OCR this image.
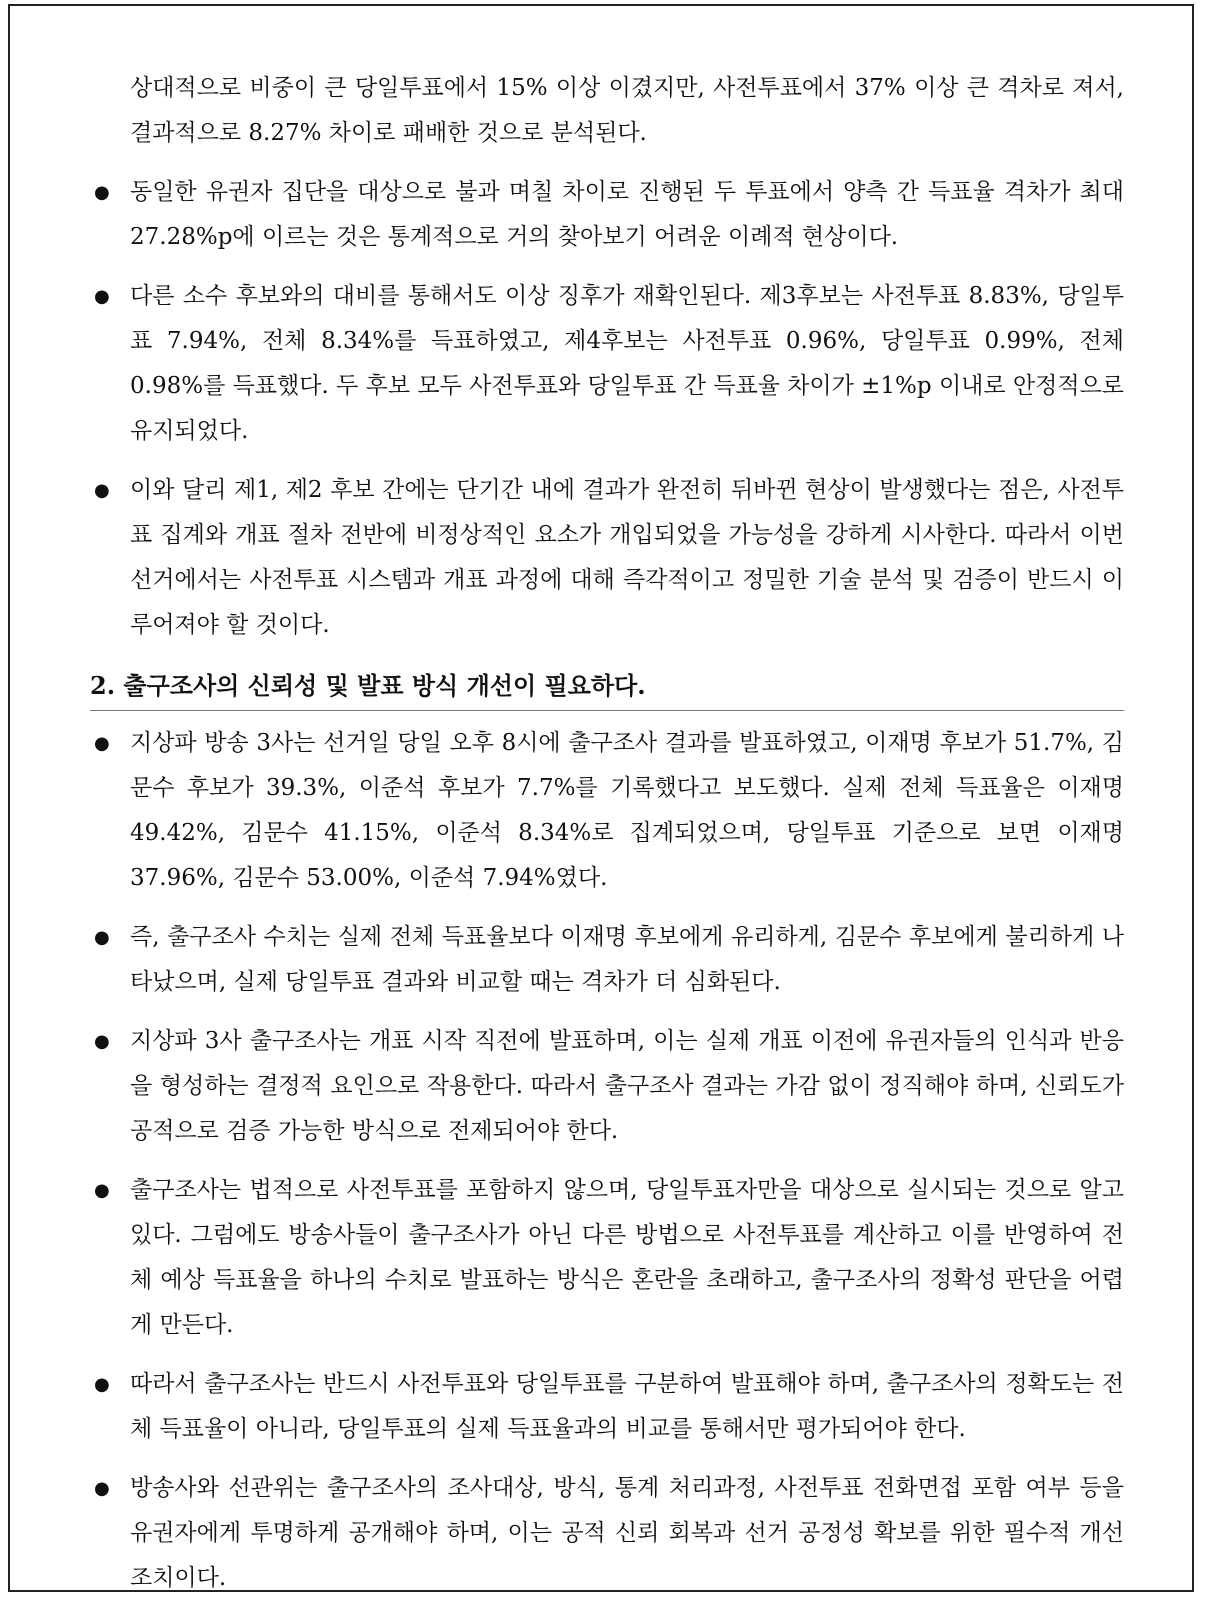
상대적으로 비중이 큰 당일투표에서 15% 이상 이겼지만, 사전투표에서 37% 이상 큰 격차로 져서, 결과적으로 8.27% 차이로 패배한 것으로 분석된다.

● 동일한 유권자 집단을 대상으로 불과 며칠 차이로 진행된 두 투표에서 양측 간 득표율 격차가 최대 27.28%p에 이르는 것은 통계적으로 거의 찾아보기 어려운 이례적 현상이다.
● 다른 소수 후보와의 대비를 통해서도 이상 징후가 재확인된다. 제3후보는 사전투표 8.83%, 당일투표 7.94%, 전체 8.34%를 득표하였고, 제4후보는 사전투표 0.96%, 당일투표 0.99%, 전체 0.98%를 득표했다. 두 후보 모두 사전투표와 당일투표 간 득표율 차이가 ±1%p 이내로 안정적으로 유지되었다.
● 이와 달리 제1, 제2 후보 간에는 단기간 내에 결과가 완전히 뒤바뀐 현상이 발생했다는 점은, 사전투표 집계와 개표 절차 전반에 비정상적인 요소가 개입되었을 가능성을 강하게 시사한다. 따라서 이번 선거에서는 사전투표 시스템과 개표 과정에 대해 즉각적이고 정밀한 기술 분석 및 검증이 반드시 이루어져야 할 것이다.
2. 출구조사의 신뢰성 및 발표 방식 개선이 필요하다.
● 지상파 방송 3사는 선거일 당일 오후 8시에 출구조사 결과를 발표하였고, 이재명 후보가 51.7%, 김문수 후보가 39.3%, 이준석 후보가 7.7%를 기록했다고 보도했다. 실제 전체 득표율은 이재명 49.42%, 김문수 41.15%, 이준석 8.34%로 집계되었으며, 당일투표 기준으로 보면 이재명 37.96%, 김문수 53.00%, 이준석 7.94%였다.
● 즉, 출구조사 수치는 실제 전체 득표율보다 이재명 후보에게 유리하게, 김문수 후보에게 불리하게 나타났으며, 실제 당일투표 결과와 비교할 때는 격차가 더 심화된다.
● 지상파 3사 출구조사는 개표 시작 직전에 발표하며, 이는 실제 개표 이전에 유권자들의 인식과 반응을 형성하는 결정적 요인으로 작용한다. 따라서 출구조사 결과는 가감 없이 정직해야 하며, 신뢰도가 공적으로 검증 가능한 방식으로 전제되어야 한다.
● 출구조사는 법적으로 사전투표를 포함하지 않으며, 당일투표자만을 대상으로 실시되는 것으로 알고 있다. 그럼에도 방송사들이 출구조사가 아닌 다른 방법으로 사전투표를 계산하고 이를 반영하여 전체 예상 득표율을 하나의 수치로 발표하는 방식은 혼란을 초래하고, 출구조사의 정확성 판단을 어렵게 만든다.
● 따라서 출구조사는 반드시 사전투표와 당일투표를 구분하여 발표해야 하며, 출구조사의 정확도는 전체 득표율이 아니라, 당일투표의 실제 득표율과의 비교를 통해서만 평가되어야 한다.
● 방송사와 선관위는 출구조사의 조사대상, 방식, 통계 처리과정, 사전투표 전화면접 포함 여부 등을 유권자에게 투명하게 공개해야 하며, 이는 공적 신뢰 회복과 선거 공정성 확보를 위한 필수적 개선 조치이다.
